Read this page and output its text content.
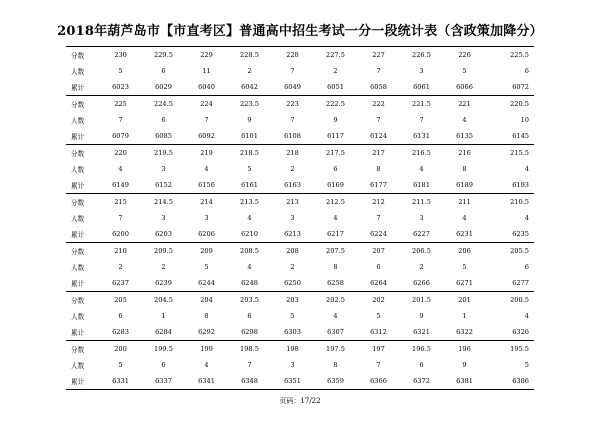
2018年葫芦岛市【市直考区】普通高中招生考试一分一段统计表（含政策加降分）
分数	230	229.5	229	228.5	228	227.5	227	226.5	226	225.5
人数	5	6	11	2	7	2	7	3	5	6
累计	6023	6029	6040	6042	6049	6051	6058	6061	6066	6072
分数	225	224.5	224	223.5	223	222.5	222	221.5	221	220.5
人数	7	6	7	9	7	9	7	7	4	10
累计	6079	6085	6092	6101	6108	6117	6124	6131	6135	6145
分数	220	219.5	219	218.5	218	217.5	217	216.5	216	215.5
人数	4	3	4	5	2	6	8	4	8	4
累计	6149	6152	6156	6161	6163	6169	6177	6181	6189	6193
分数	215	214.5	214	213.5	213	212.5	212	211.5	211	210.5
人数	7	3	3	4	3	4	7	3	4	4
累计	6200	6203	6206	6210	6213	6217	6224	6227	6231	6235
分数	210	209.5	209	208.5	208	207.5	207	206.5	206	205.5
人数	2	2	5	4	2	8	6	2	5	6
累计	6237	6239	6244	6248	6250	6258	6264	6266	6271	6277
分数	205	204.5	204	203.5	203	202.5	202	201.5	201	200.5
人数	6	1	8	6	5	4	5	9	1	4
累计	6283	6284	6292	6298	6303	6307	6312	6321	6322	6326
分数	200	199.5	199	198.5	198	197.5	197	196.5	196	195.5
人数	5	6	4	7	3	8	7	6	9	5
累计	6331	6337	6341	6348	6351	6359	6366	6372	6381	6386
页码：17/22
